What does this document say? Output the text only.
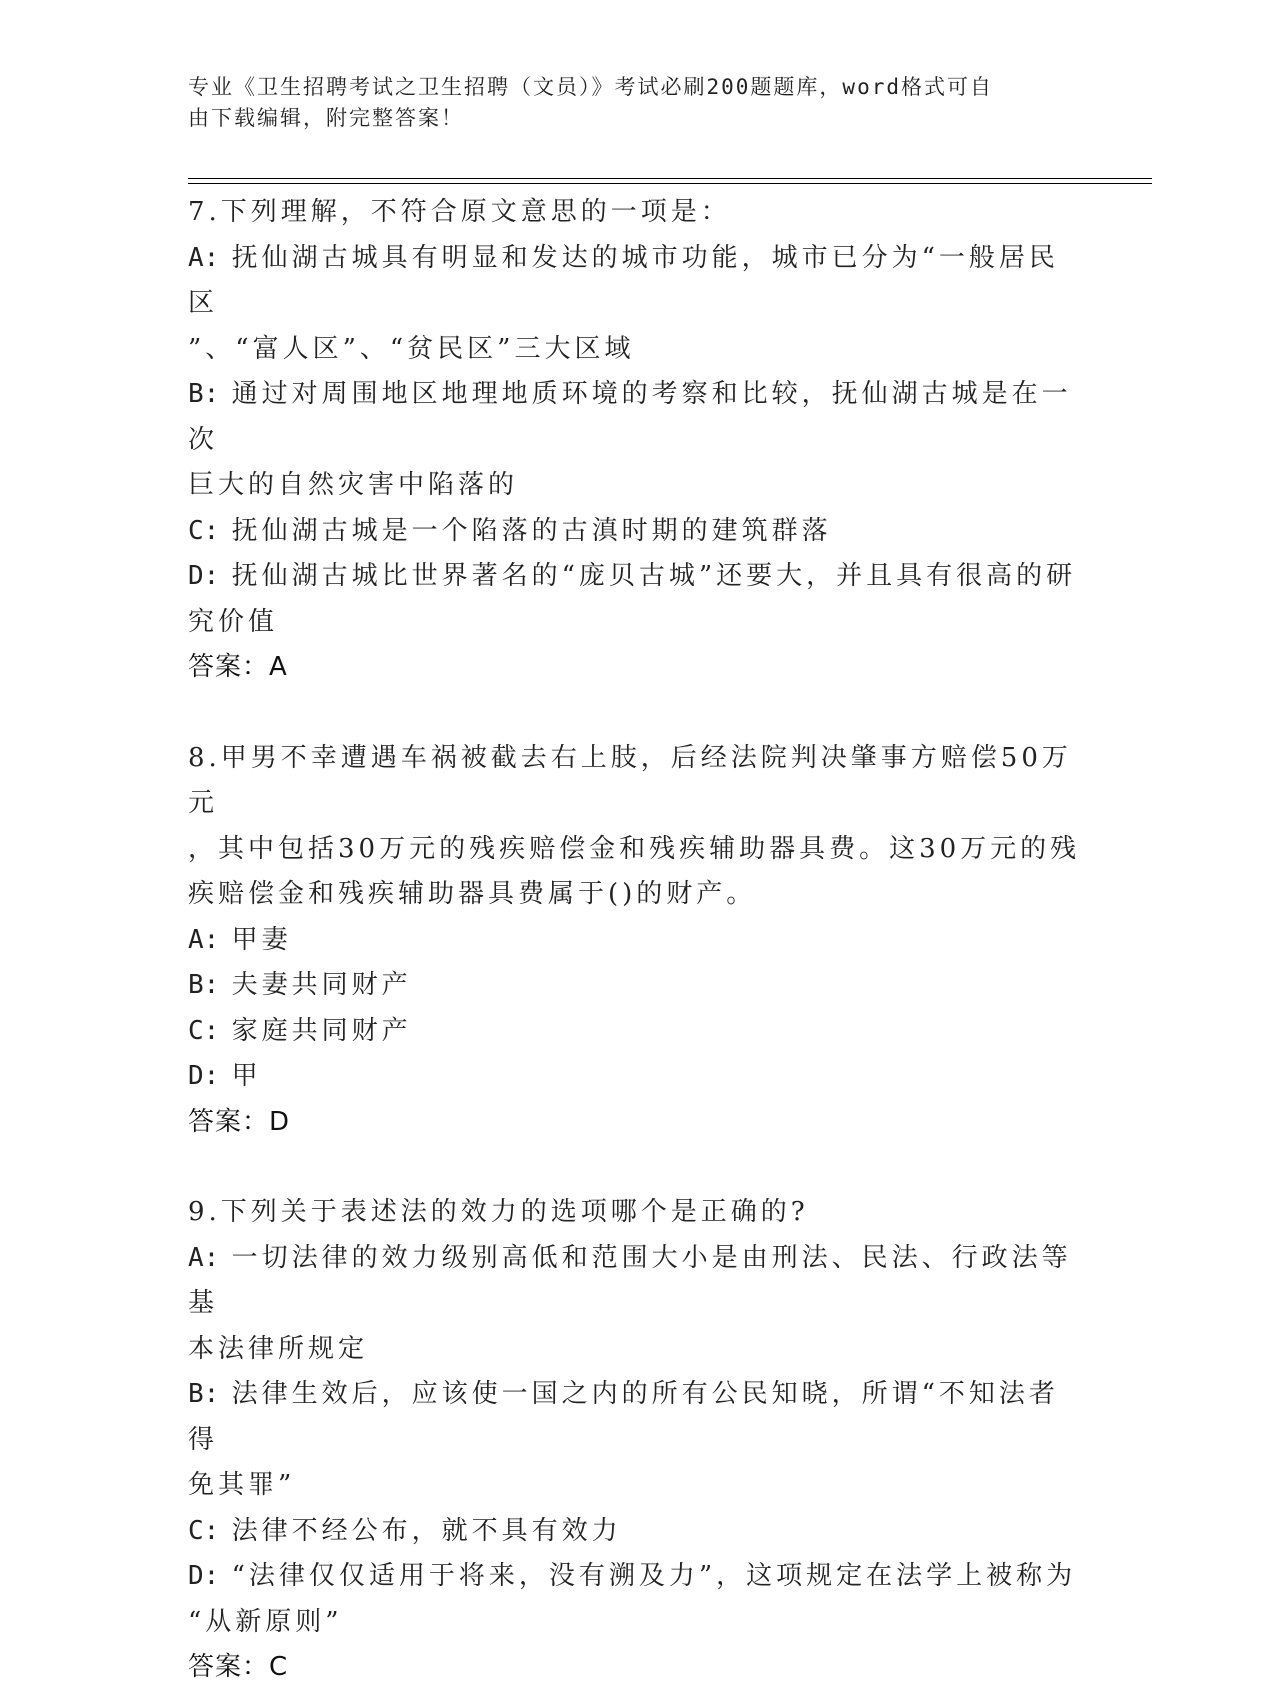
专业《卫生招聘考试之卫生招聘（文员）》考试必刷200题题库，word格式可自
由下载编辑，附完整答案！
7.下列理解，不符合原文意思的一项是：
A: 抚仙湖古城具有明显和发达的城市功能，城市已分为“一般居民区
”、“富人区”、“贫民区”三大区域
B: 通过对周围地区地理地质环境的考察和比较，抚仙湖古城是在一次
巨大的自然灾害中陷落的
C: 抚仙湖古城是一个陷落的古滇时期的建筑群落
D: 抚仙湖古城比世界著名的“庞贝古城”还要大，并且具有很高的研
究价值
答案：A
8.甲男不幸遭遇车祸被截去右上肢，后经法院判决肇事方赔偿50万元
，其中包括30万元的残疾赔偿金和残疾辅助器具费。这30万元的残
疾赔偿金和残疾辅助器具费属于()的财产。
A: 甲妻
B: 夫妻共同财产
C: 家庭共同财产
D: 甲
答案：D
9.下列关于表述法的效力的选项哪个是正确的?
A: 一切法律的效力级别高低和范围大小是由刑法、民法、行政法等基
本法律所规定
B: 法律生效后，应该使一国之内的所有公民知晓，所谓“不知法者得
免其罪”
C: 法律不经公布，就不具有效力
D: “法律仅仅适用于将来，没有溯及力”，这项规定在法学上被称为
“从新原则”
答案：C
